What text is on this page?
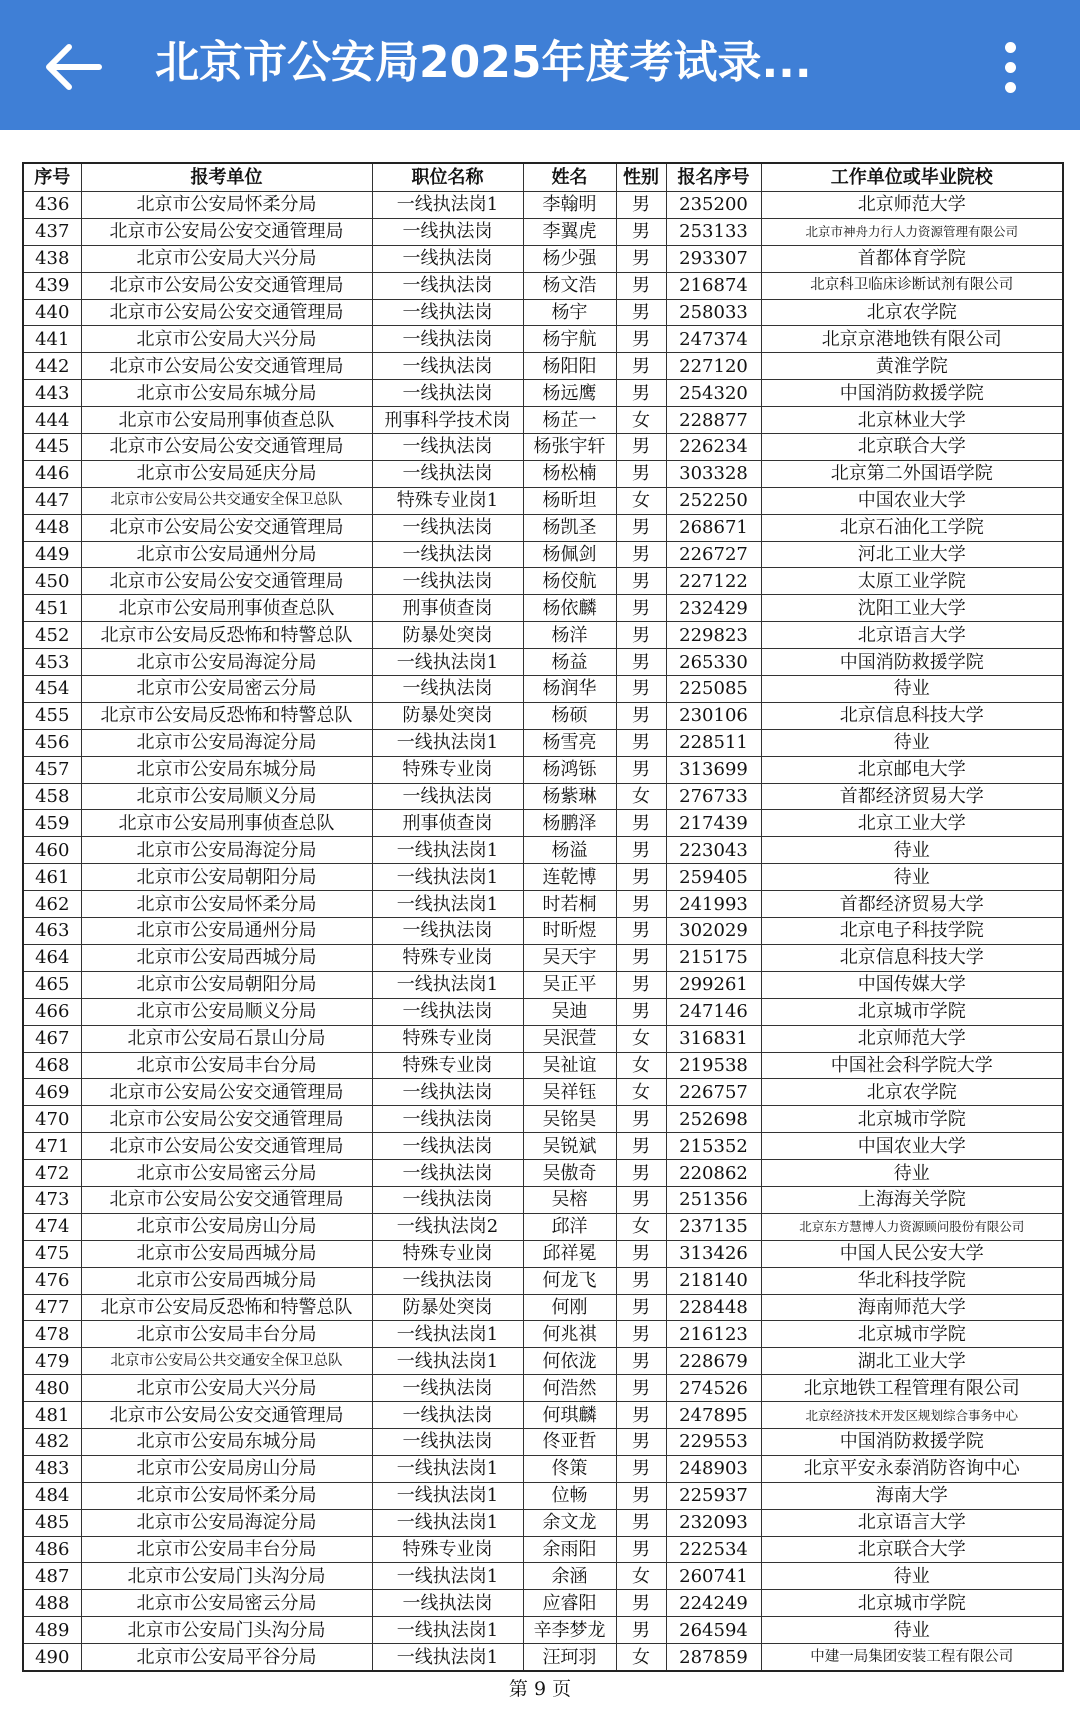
北京市公安局2025年度考试录...
序号	报考单位	职位名称	姓名	性别	报名序号	工作单位或毕业院校
436	北京市公安局怀柔分局	一线执法岗1	李翰明	男	235200	北京师范大学
437	北京市公安局公安交通管理局	一线执法岗	李翼虎	男	253133	北京市神舟力行人力资源管理有限公司
438	北京市公安局大兴分局	一线执法岗	杨少强	男	293307	首都体育学院
439	北京市公安局公安交通管理局	一线执法岗	杨文浩	男	216874	北京科卫临床诊断试剂有限公司
440	北京市公安局公安交通管理局	一线执法岗	杨宇	男	258033	北京农学院
441	北京市公安局大兴分局	一线执法岗	杨宇航	男	247374	北京京港地铁有限公司
442	北京市公安局公安交通管理局	一线执法岗	杨阳阳	男	227120	黄淮学院
443	北京市公安局东城分局	一线执法岗	杨远鹰	男	254320	中国消防救援学院
444	北京市公安局刑事侦查总队	刑事科学技术岗	杨芷一	女	228877	北京林业大学
445	北京市公安局公安交通管理局	一线执法岗	杨张宇轩	男	226234	北京联合大学
446	北京市公安局延庆分局	一线执法岗	杨松楠	男	303328	北京第二外国语学院
447	北京市公安局公共交通安全保卫总队	特殊专业岗1	杨昕坦	女	252250	中国农业大学
448	北京市公安局公安交通管理局	一线执法岗	杨凯圣	男	268671	北京石油化工学院
449	北京市公安局通州分局	一线执法岗	杨佩剑	男	226727	河北工业大学
450	北京市公安局公安交通管理局	一线执法岗	杨佼航	男	227122	太原工业学院
451	北京市公安局刑事侦查总队	刑事侦查岗	杨依麟	男	232429	沈阳工业大学
452	北京市公安局反恐怖和特警总队	防暴处突岗	杨洋	男	229823	北京语言大学
453	北京市公安局海淀分局	一线执法岗1	杨益	男	265330	中国消防救援学院
454	北京市公安局密云分局	一线执法岗	杨润华	男	225085	待业
455	北京市公安局反恐怖和特警总队	防暴处突岗	杨硕	男	230106	北京信息科技大学
456	北京市公安局海淀分局	一线执法岗1	杨雪亮	男	228511	待业
457	北京市公安局东城分局	特殊专业岗	杨鸿铄	男	313699	北京邮电大学
458	北京市公安局顺义分局	一线执法岗	杨紫琳	女	276733	首都经济贸易大学
459	北京市公安局刑事侦查总队	刑事侦查岗	杨鹏泽	男	217439	北京工业大学
460	北京市公安局海淀分局	一线执法岗1	杨溢	男	223043	待业
461	北京市公安局朝阳分局	一线执法岗1	连乾博	男	259405	待业
462	北京市公安局怀柔分局	一线执法岗1	时若桐	男	241993	首都经济贸易大学
463	北京市公安局通州分局	一线执法岗	时昕煜	男	302029	北京电子科技学院
464	北京市公安局西城分局	特殊专业岗	吴天宇	男	215175	北京信息科技大学
465	北京市公安局朝阳分局	一线执法岗1	吴正平	男	299261	中国传媒大学
466	北京市公安局顺义分局	一线执法岗	吴迪	男	247146	北京城市学院
467	北京市公安局石景山分局	特殊专业岗	吴泯萱	女	316831	北京师范大学
468	北京市公安局丰台分局	特殊专业岗	吴祉谊	女	219538	中国社会科学院大学
469	北京市公安局公安交通管理局	一线执法岗	吴祥钰	女	226757	北京农学院
470	北京市公安局公安交通管理局	一线执法岗	吴铭昊	男	252698	北京城市学院
471	北京市公安局公安交通管理局	一线执法岗	吴锐斌	男	215352	中国农业大学
472	北京市公安局密云分局	一线执法岗	吴傲奇	男	220862	待业
473	北京市公安局公安交通管理局	一线执法岗	吴榕	男	251356	上海海关学院
474	北京市公安局房山分局	一线执法岗2	邱洋	女	237135	北京东方慧博人力资源顾问股份有限公司
475	北京市公安局西城分局	特殊专业岗	邱祥冕	男	313426	中国人民公安大学
476	北京市公安局西城分局	一线执法岗	何龙飞	男	218140	华北科技学院
477	北京市公安局反恐怖和特警总队	防暴处突岗	何刚	男	228448	海南师范大学
478	北京市公安局丰台分局	一线执法岗1	何兆祺	男	216123	北京城市学院
479	北京市公安局公共交通安全保卫总队	一线执法岗1	何依泷	男	228679	湖北工业大学
480	北京市公安局大兴分局	一线执法岗	何浩然	男	274526	北京地铁工程管理有限公司
481	北京市公安局公安交通管理局	一线执法岗	何琪麟	男	247895	北京经济技术开发区规划综合事务中心
482	北京市公安局东城分局	一线执法岗	佟亚哲	男	229553	中国消防救援学院
483	北京市公安局房山分局	一线执法岗1	佟策	男	248903	北京平安永泰消防咨询中心
484	北京市公安局怀柔分局	一线执法岗1	位畅	男	225937	海南大学
485	北京市公安局海淀分局	一线执法岗1	余文龙	男	232093	北京语言大学
486	北京市公安局丰台分局	特殊专业岗	余雨阳	男	222534	北京联合大学
487	北京市公安局门头沟分局	一线执法岗1	余涵	女	260741	待业
488	北京市公安局密云分局	一线执法岗	应睿阳	男	224249	北京城市学院
489	北京市公安局门头沟分局	一线执法岗1	辛李梦龙	男	264594	待业
490	北京市公安局平谷分局	一线执法岗1	汪珂羽	女	287859	中建一局集团安装工程有限公司
第 9 页
